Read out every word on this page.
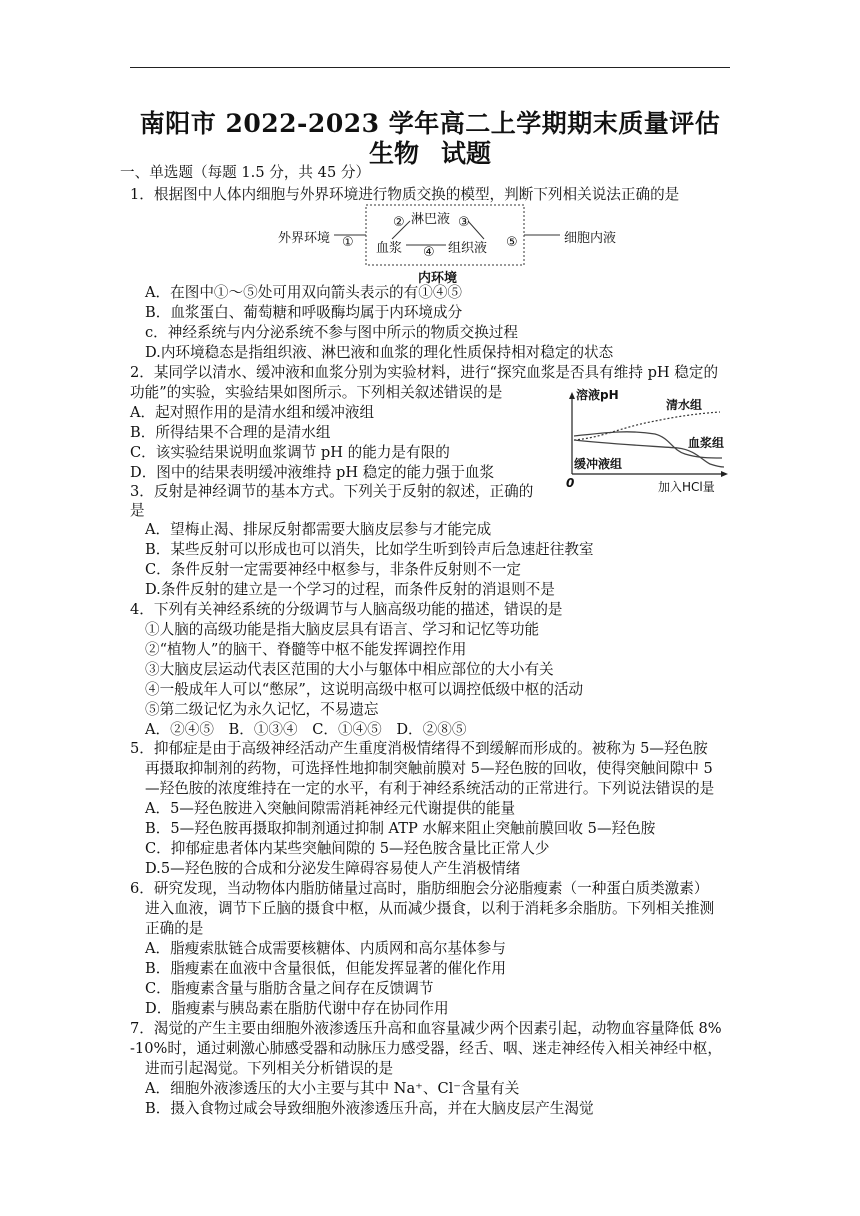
南阳市 2022-2023 学年高二上学期期末质量评估
生物 试题
一、单选题（每题 1.5 分，共 45 分）
1．根据图中人体内细胞与外界环境进行物质交换的模型，判断下列相关说法正确的是
外界环境 ①
② 淋巴液 ③
血浆 ④ 组织液 ⑤	细胞内液
内环境
A．在图中①～⑤处可用双向箭头表示的有①④⑤
B．血浆蛋白、葡萄糖和呼吸酶均属于内环境成分
c．神经系统与内分泌系统不参与图中所示的物质交换过程
D.内环境稳态是指组织液、淋巴液和血浆的理化性质保持相对稳定的状态
2．某同学以清水、缓冲液和血浆分别为实验材料，进行“探究血浆是否具有维持 pH 稳定的
功能”的实验，实验结果如图所示。下列相关叙述错误的是
A．起对照作用的是清水组和缓冲液组
B．所得结果不合理的是清水组
C．该实验结果说明血浆调节 pH 的能力是有限的
D．图中的结果表明缓冲液维持 pH 稳定的能力强于血浆
溶液pH
清水组
血浆组
缓冲液组
0	加入HCl量
3．反射是神经调节的基本方式。下列关于反射的叙述，正确的
是
A．望梅止渴、排尿反射都需要大脑皮层参与才能完成
B．某些反射可以形成也可以消失，比如学生听到铃声后急速赶往教室
C．条件反射一定需要神经中枢参与，非条件反射则不一定
D.条件反射的建立是一个学习的过程，而条件反射的消退则不是
4．下列有关神经系统的分级调节与人脑高级功能的描述，错误的是
①人脑的高级功能是指大脑皮层具有语言、学习和记忆等功能
②“植物人”的脑干、脊髓等中枢不能发挥调控作用
③大脑皮层运动代表区范围的大小与躯体中相应部位的大小有关
④一般成年人可以“憋尿”，这说明高级中枢可以调控低级中枢的活动
⑤第二级记忆为永久记忆，不易遗忘
A．②④⑤　B．①③④　C．①④⑤　D．②⑧⑤
5．抑郁症是由于高级神经活动产生重度消极情绪得不到缓解而形成的。被称为 5—羟色胺
再摄取抑制剂的药物，可选择性地抑制突触前膜对 5—羟色胺的回收，使得突触间隙中 5
—羟色胺的浓度维持在一定的水平，有利于神经系统活动的正常进行。下列说法错误的是
A．5—羟色胺进入突触间隙需消耗神经元代谢提供的能量
B．5—羟色胺再摄取抑制剂通过抑制 ATP 水解来阻止突触前膜回收 5—羟色胺
C．抑郁症患者体内某些突触间隙的 5—羟色胺含量比正常人少
D.5—羟色胺的合成和分泌发生障碍容易使人产生消极情绪
6．研究发现，当动物体内脂肪储量过高时，脂肪细胞会分泌脂瘦素（一种蛋白质类激素）
进入血液，调节下丘脑的摄食中枢，从而减少摄食，以利于消耗多余脂肪。下列相关推测
正确的是
A．脂瘦索肽链合成需要核糖体、内质网和高尔基体参与
B．脂瘦素在血液中含量很低，但能发挥显著的催化作用
C．脂瘦素含量与脂肪含量之间存在反馈调节
D．脂瘦素与胰岛素在脂肪代谢中存在协同作用
7．渴觉的产生主要由细胞外液渗透压升高和血容量减少两个因素引起，动物血容量降低 8%
-10%时，通过刺激心肺感受器和动脉压力感受器，经舌、咽、迷走神经传入相关神经中枢，
进而引起渴觉。下列相关分析错误的是
A．细胞外液渗透压的大小主要与其中 Na⁺、Cl⁻含量有关
B．摄入食物过咸会导致细胞外液渗透压升高，并在大脑皮层产生渴觉
